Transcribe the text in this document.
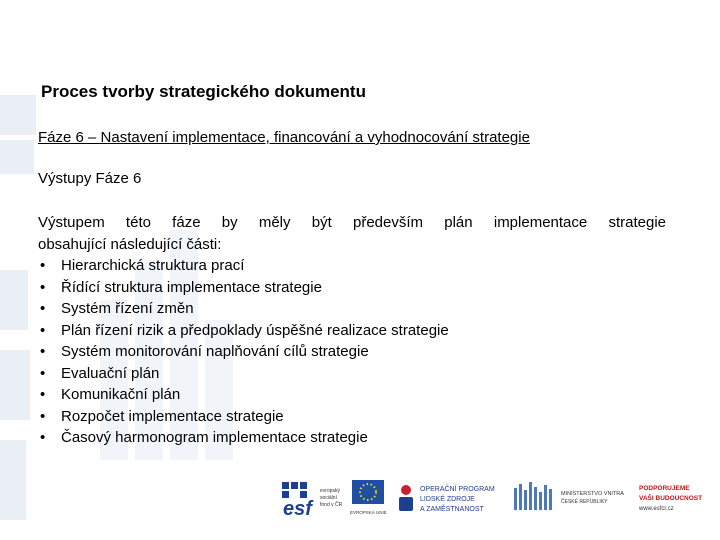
Proces tvorby strategického dokumentu
Fáze 6 – Nastavení implementace, financování a vyhodnocování strategie
Výstupy Fáze 6
Výstupem této fáze by měly být především plán implementace strategie
obsahující následující části:
• Hierarchická struktura prací
• Řídící struktura implementace strategie
• Systém řízení změn
• Plán řízení rizik a předpoklady úspěšné realizace strategie
• Systém monitorování naplňování cílů strategie
• Evaluační plán
• Komunikační plán
• Rozpočet implementace strategie
• Časový harmonogram implementace strategie
esf
evropský
sociální
fond v ČR
EVROPSKÁ UNIE
OPERAČNÍ PROGRAM
LIDSKÉ ZDROJE
A ZAMĚSTNANOST
MINISTERSTVO VNITRA
ČESKÉ REPUBLIKY
PODPORUJEME
VAŠI BUDOUCNOST
www.esfcr.cz
